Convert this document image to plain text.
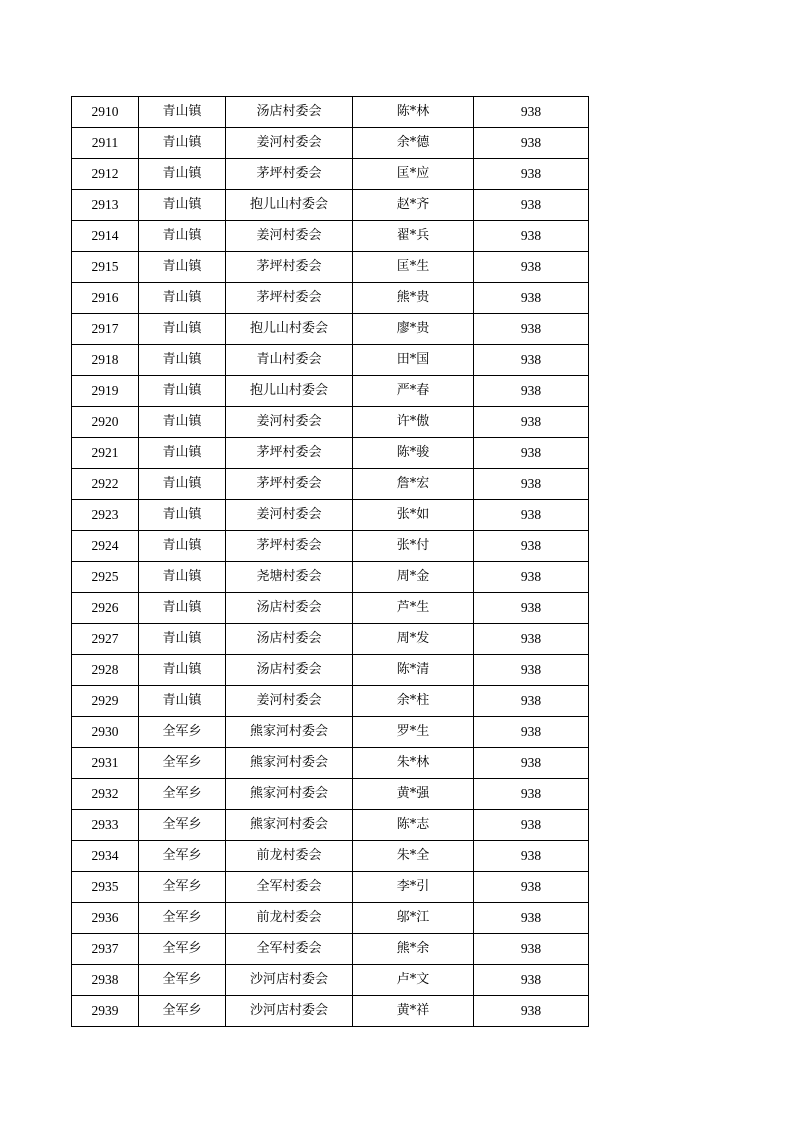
2910	青山镇	汤店村委会	陈*林	938
2911	青山镇	姜河村委会	余*德	938
2912	青山镇	茅坪村委会	匡*应	938
2913	青山镇	抱儿山村委会	赵*齐	938
2914	青山镇	姜河村委会	翟*兵	938
2915	青山镇	茅坪村委会	匡*生	938
2916	青山镇	茅坪村委会	熊*贵	938
2917	青山镇	抱儿山村委会	廖*贵	938
2918	青山镇	青山村委会	田*国	938
2919	青山镇	抱儿山村委会	严*春	938
2920	青山镇	姜河村委会	许*傲	938
2921	青山镇	茅坪村委会	陈*骏	938
2922	青山镇	茅坪村委会	詹*宏	938
2923	青山镇	姜河村委会	张*如	938
2924	青山镇	茅坪村委会	张*付	938
2925	青山镇	尧塘村委会	周*金	938
2926	青山镇	汤店村委会	芦*生	938
2927	青山镇	汤店村委会	周*发	938
2928	青山镇	汤店村委会	陈*清	938
2929	青山镇	姜河村委会	余*柱	938
2930	全军乡	熊家河村委会	罗*生	938
2931	全军乡	熊家河村委会	朱*林	938
2932	全军乡	熊家河村委会	黄*强	938
2933	全军乡	熊家河村委会	陈*志	938
2934	全军乡	前龙村委会	朱*全	938
2935	全军乡	全军村委会	李*引	938
2936	全军乡	前龙村委会	邬*江	938
2937	全军乡	全军村委会	熊*余	938
2938	全军乡	沙河店村委会	卢*文	938
2939	全军乡	沙河店村委会	黄*祥	938
